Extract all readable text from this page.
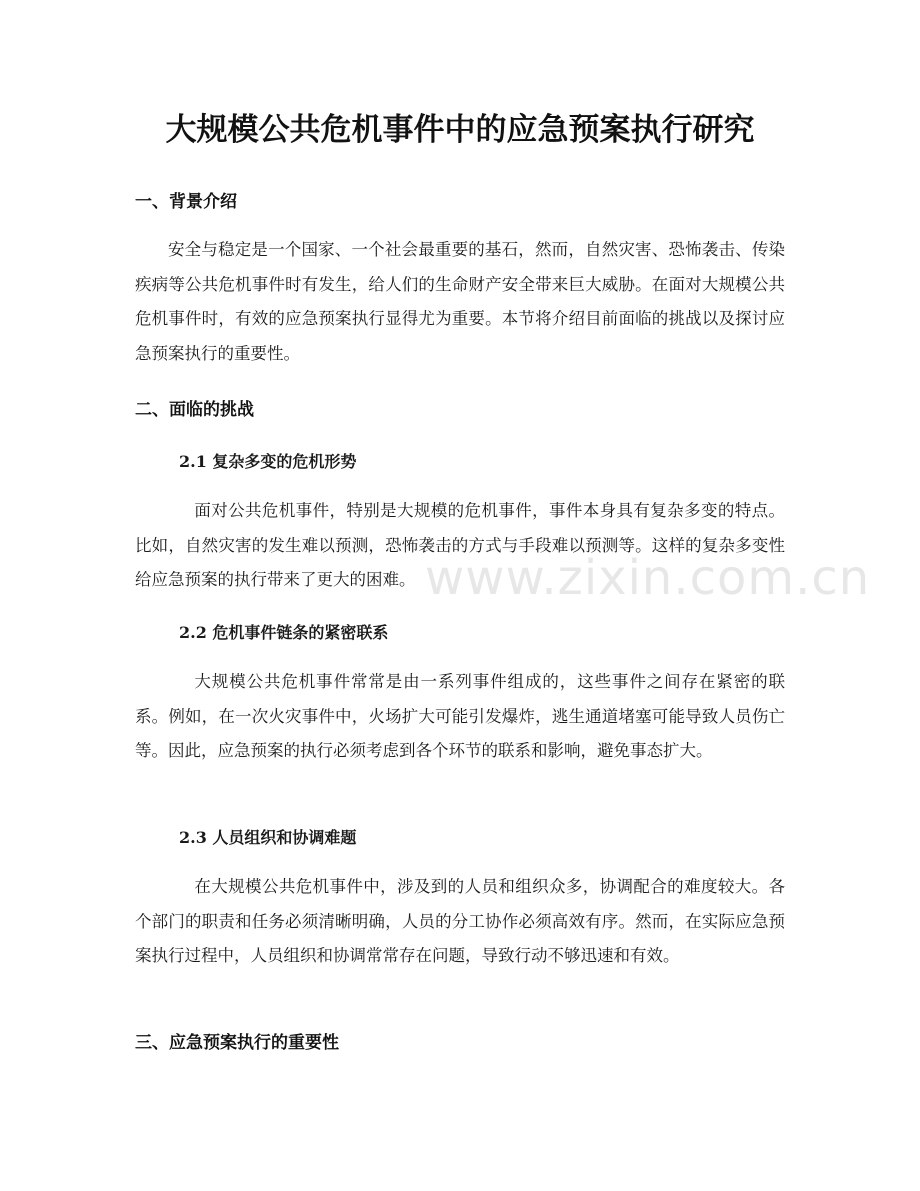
大规模公共危机事件中的应急预案执行研究
一、背景介绍

安全与稳定是一个国家、一个社会最重要的基石，然而，自然灾害、恐怖袭击、传染疾病等公共危机事件时有发生，给人们的生命财产安全带来巨大威胁。在面对大规模公共危机事件时，有效的应急预案执行显得尤为重要。本节将介绍目前面临的挑战以及探讨应急预案执行的重要性。

二、面临的挑战
2.1 复杂多变的危机形势

面对公共危机事件，特别是大规模的危机事件，事件本身具有复杂多变的特点。比如，自然灾害的发生难以预测，恐怖袭击的方式与手段难以预测等。这样的复杂多变性给应急预案的执行带来了更大的困难。

2.2 危机事件链条的紧密联系

大规模公共危机事件常常是由一系列事件组成的，这些事件之间存在紧密的联系。例如，在一次火灾事件中，火场扩大可能引发爆炸，逃生通道堵塞可能导致人员伤亡等。因此，应急预案的执行必须考虑到各个环节的联系和影响，避免事态扩大。

2.3 人员组织和协调难题

在大规模公共危机事件中，涉及到的人员和组织众多，协调配合的难度较大。各个部门的职责和任务必须清晰明确，人员的分工协作必须高效有序。然而，在实际应急预案执行过程中，人员组织和协调常常存在问题，导致行动不够迅速和有效。

三、应急预案执行的重要性
www.zixin.com.cn
